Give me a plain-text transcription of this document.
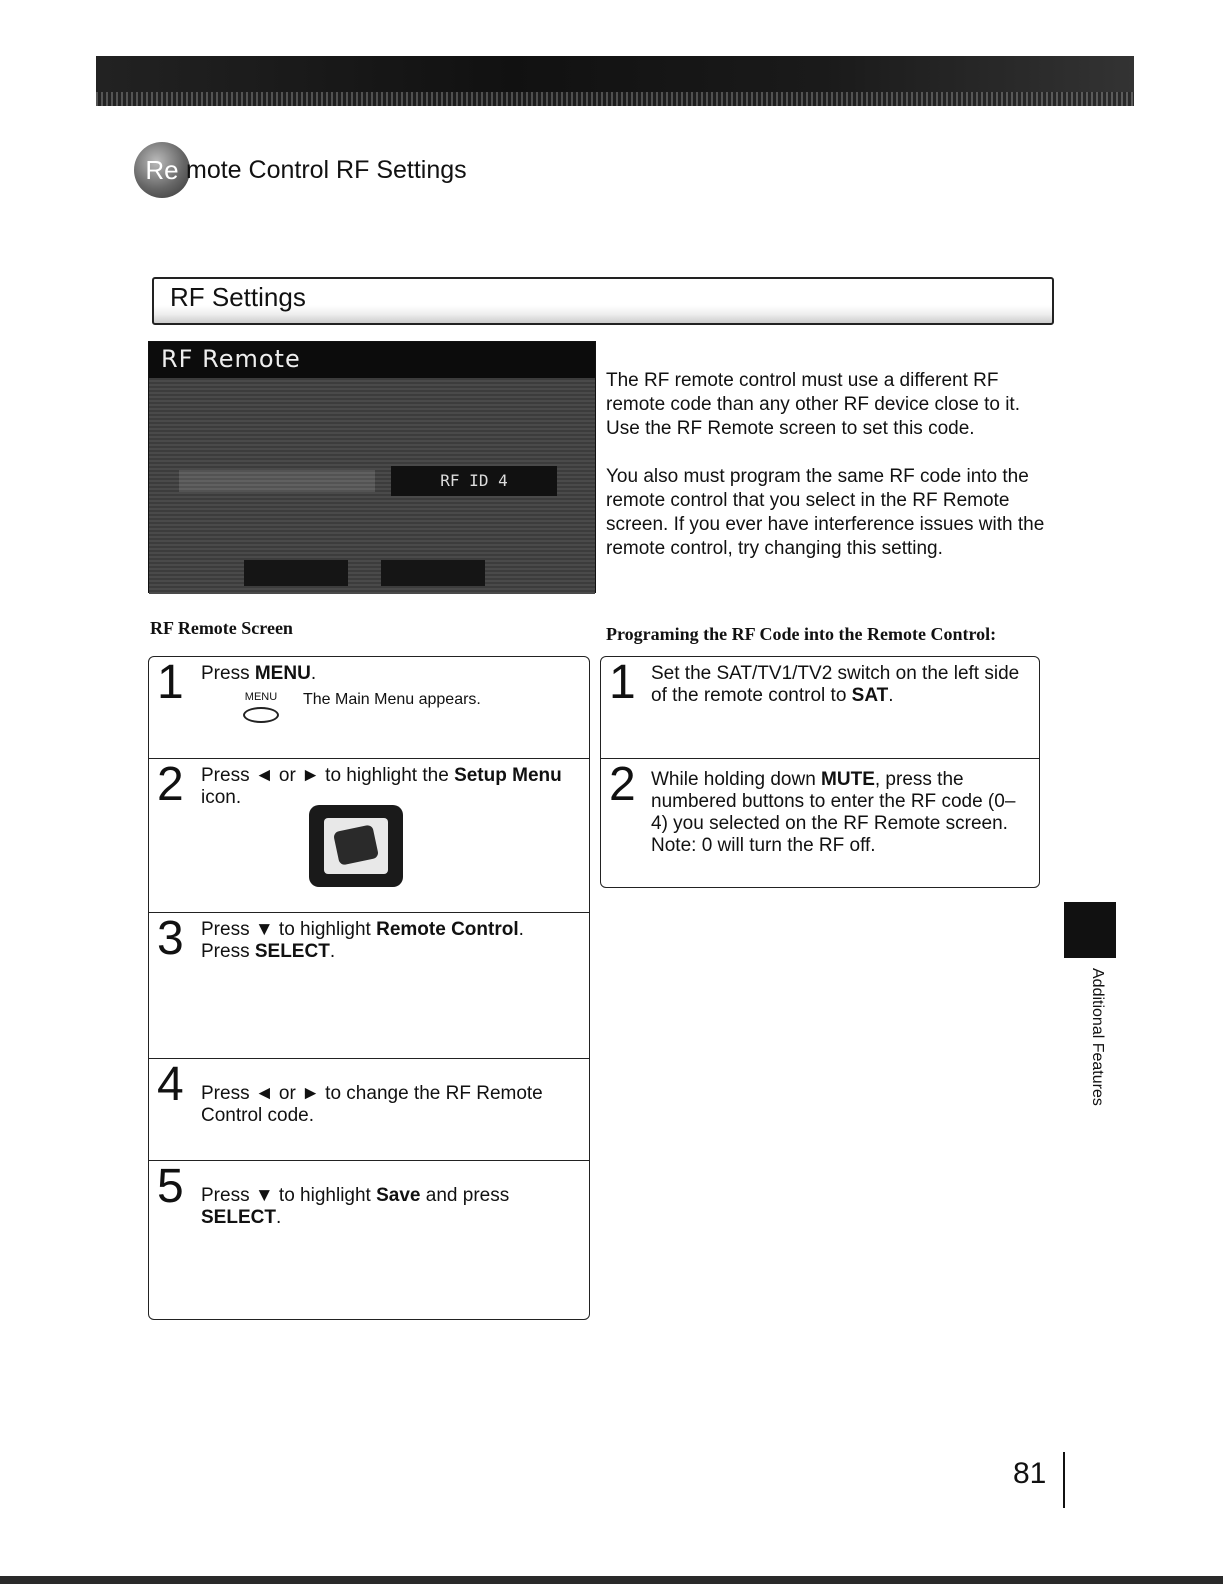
Re mote Control RF Settings
RF Settings
RF Remote
RF ID 4

The RF remote control must use a different RF remote code than any other RF device close to it. Use the RF Remote screen to set this code.

You also must program the same RF code into the remote control that you select in the RF Remote screen. If you ever have interference issues with the remote control, try changing this setting.

RF Remote Screen	Programing the RF Code into the Remote Control:
1 Press MENU.
MENU The Main Menu appears.
2 Press ◄ or ► to highlight the Setup Menu icon.
3 Press ▼ to highlight Remote Control.
Press SELECT.
4 Press ◄ or ► to change the RF Remote Control code.
5 Press ▼ to highlight Save and press
SELECT.
1 Set the SAT/TV1/TV2 switch on the left side of the remote control to SAT.
2 While holding down MUTE, press the numbered buttons to enter the RF code (0–4) you selected on the RF Remote screen.
Note: 0 will turn the RF off.
Additional Features
81
